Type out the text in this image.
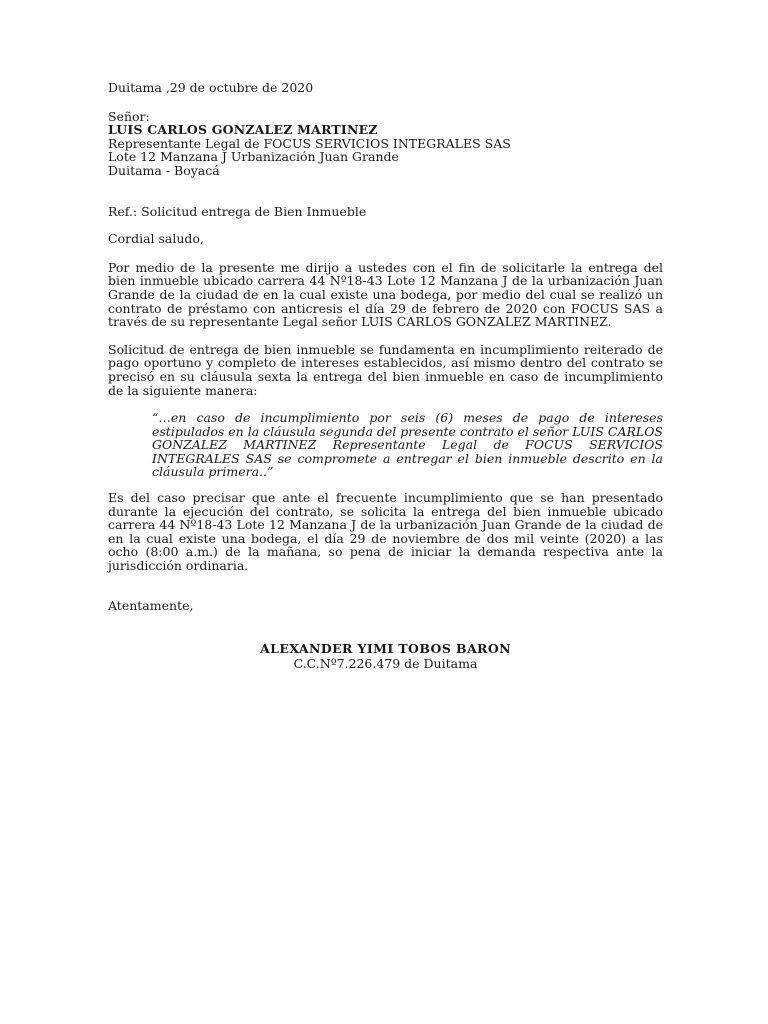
Duitama ,29 de octubre de 2020

Señor:

LUIS CARLOS GONZALEZ MARTINEZ

Representante Legal de FOCUS SERVICIOS INTEGRALES SAS

Lote 12 Manzana J Urbanización Juan Grande

Duitama - Boyacá

Ref.: Solicitud entrega de Bien Inmueble

Cordial saludo,

Por medio de la presente me dirijo a ustedes con el fin de solicitarle la entrega del bien inmueble ubicado carrera 44 Nº18-43 Lote 12 Manzana J de la urbanización Juan Grande de la ciudad de en la cual existe una bodega, por medio del cual se realizó un contrato de préstamo con anticresis el día 29 de febrero de 2020 con FOCUS SAS a través de su representante Legal señor LUIS CARLOS GONZALEZ MARTINEZ.

Solicitud de entrega de bien inmueble se fundamenta en incumplimiento reiterado de pago oportuno y completo de intereses establecidos, así mismo dentro del contrato se precisó en su cláusula sexta la entrega del bien inmueble en caso de incumplimiento de la siguiente manera:

“…en caso de incumplimiento por seis (6) meses de pago de intereses estipulados en la cláusula segunda del presente contrato el señor LUIS CARLOS GONZALEZ MARTINEZ Representante Legal de FOCUS SERVICIOS INTEGRALES SAS se compromete a entregar el bien inmueble descrito en la cláusula primera..”

Es del caso precisar que ante el frecuente incumplimiento que se han presentado durante la ejecución del contrato, se solicita la entrega del bien inmueble ubicado carrera 44 Nº18-43 Lote 12 Manzana J de la urbanización Juan Grande de la ciudad de en la cual existe una bodega, el día 29 de noviembre de dos mil veinte (2020) a las ocho (8:00 a.m.) de la mañana, so pena de iniciar la demanda respectiva ante la jurisdicción ordinaria.

Atentamente,

ALEXANDER YIMI TOBOS BARON

C.C.Nº7.226.479 de Duitama
